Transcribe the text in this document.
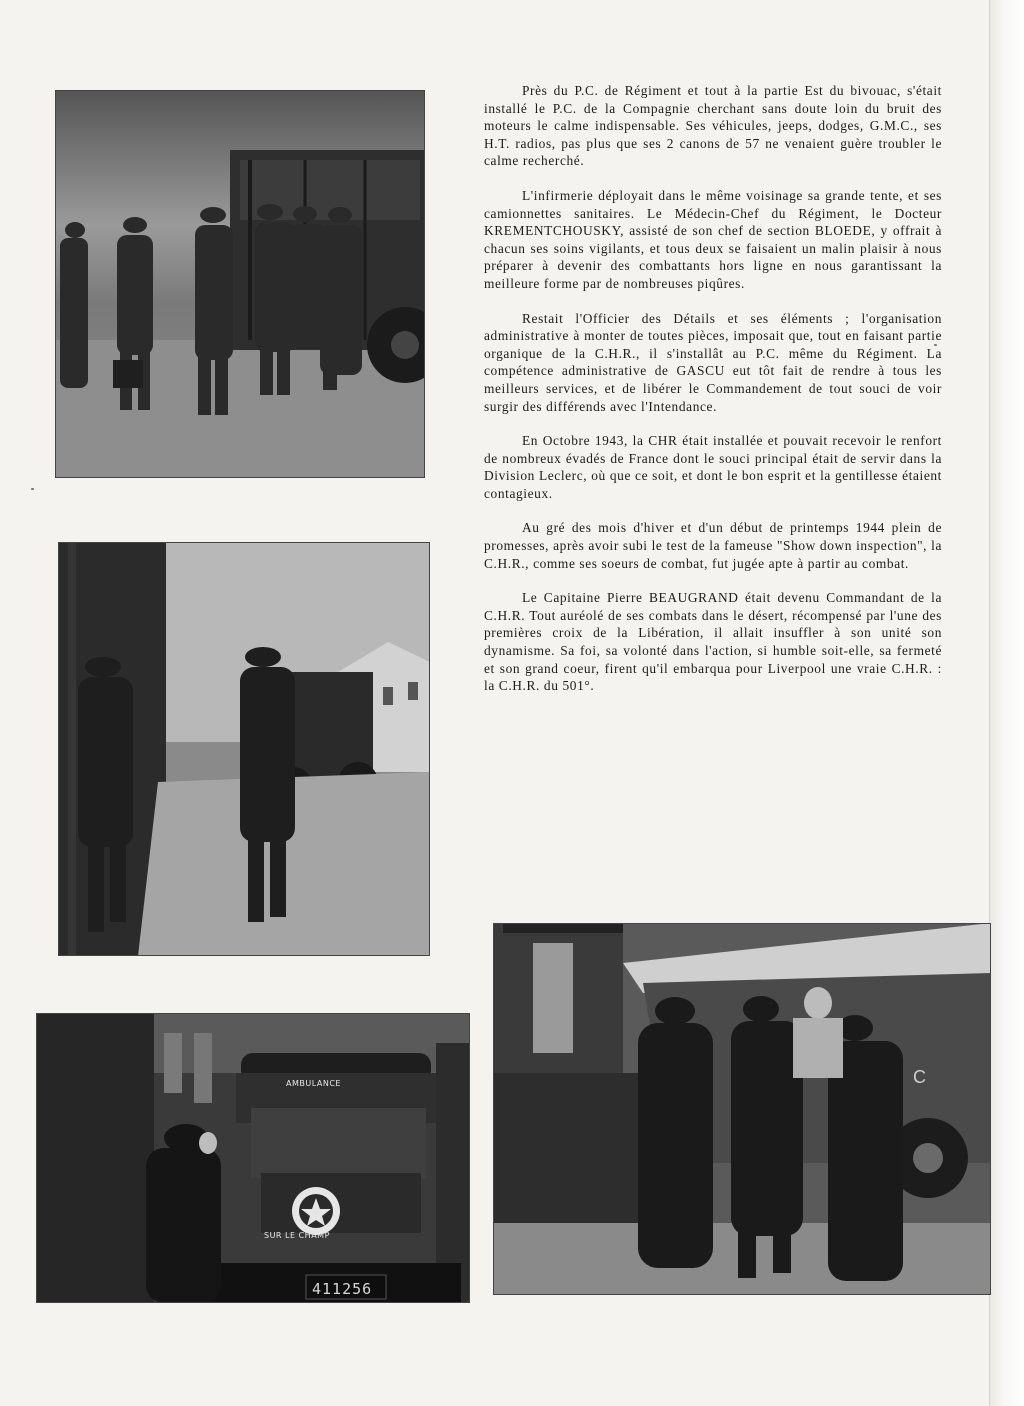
AMBULANCE
SUR LE CHAMP
411256
C

Près du P.C. de Régiment et tout à la partie Est du bivouac, s'était installé le P.C. de la Compagnie cherchant sans doute loin du bruit des moteurs le calme indispensable. Ses véhicules, jeeps, dodges, G.M.C., ses H.T. radios, pas plus que ses 2 canons de 57 ne venaient guère troubler le calme recherché.

L'infirmerie déployait dans le même voisinage sa grande tente, et ses camionnettes sanitaires. Le Médecin-Chef du Régiment, le Docteur KREMENTCHOUSKY, assisté de son chef de section BLOEDE, y offrait à chacun ses soins vigilants, et tous deux se faisaient un malin plaisir à nous préparer à devenir des combattants hors ligne en nous garantissant la meilleure forme par de nombreuses piqûres.

Restait l'Officier des Détails et ses éléments ; l'organisation administrative à monter de toutes pièces, imposait que, tout en faisant partie organique de la C.H.R., il s'installât au P.C. même du Régiment. La compétence administrative de GASCU eut tôt fait de rendre à tous les meilleurs services, et de libérer le Commandement de tout souci de voir surgir des différends avec l'Intendance.

En Octobre 1943, la CHR était installée et pouvait recevoir le renfort de nombreux évadés de France dont le souci principal était de servir dans la Division Leclerc, où que ce soit, et dont le bon esprit et la gentillesse étaient contagieux.

Au gré des mois d'hiver et d'un début de printemps 1944 plein de promesses, après avoir subi le test de la fameuse "Show down inspection", la C.H.R., comme ses soeurs de combat, fut jugée apte à partir au combat.

Le Capitaine Pierre BEAUGRAND était devenu Commandant de la C.H.R. Tout auréolé de ses combats dans le désert, récompensé par l'une des premières croix de la Libération, il allait insuffler à son unité son dynamisme. Sa foi, sa volonté dans l'action, si humble soit-elle, sa fermeté et son grand coeur, firent qu'il embarqua pour Liverpool une vraie C.H.R. : la C.H.R. du 501°.
